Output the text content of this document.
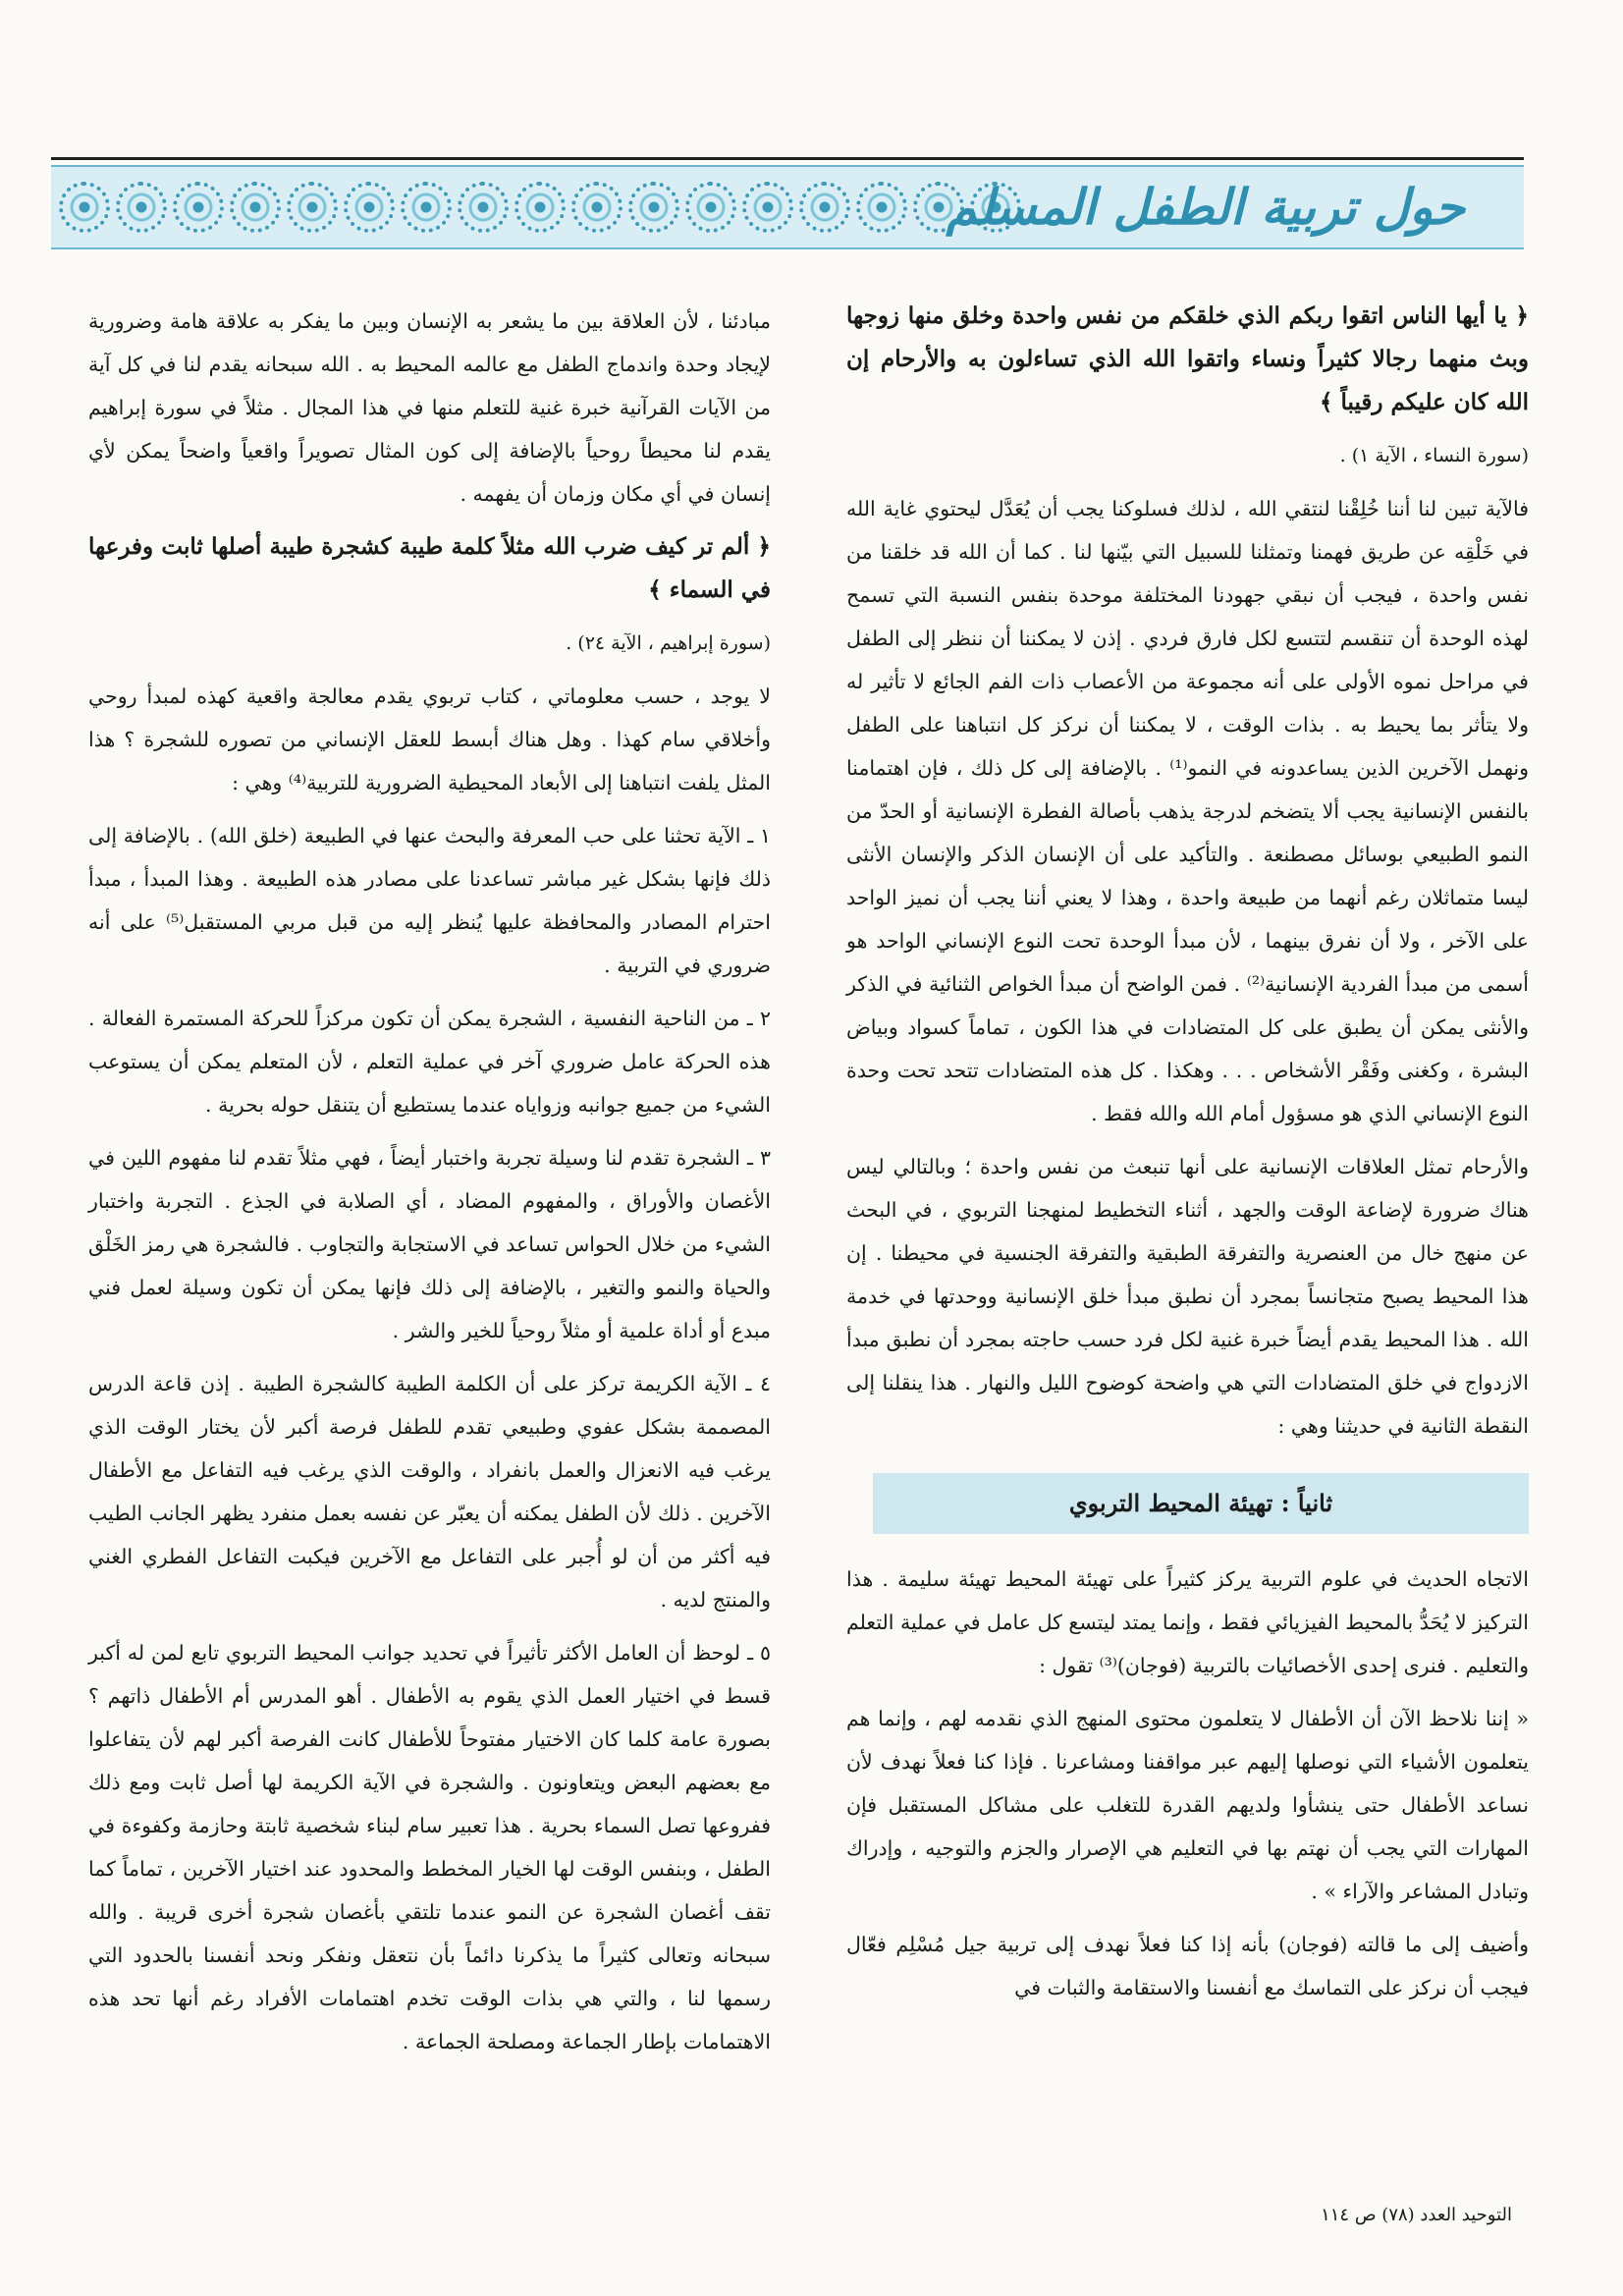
حول تربية الطفل المسلم

﴿ يا أيها الناس اتقوا ربكم الذي خلقكم من نفس واحدة وخلق منها زوجها وبث منهما رجالا كثيراً ونساء واتقوا الله الذي تساءلون به والأرحام إن الله كان عليكم رقيباً ﴾

(سورة النساء ، الآية ١) .

فالآية تبين لنا أننا خُلِقْنا لنتقي الله ، لذلك فسلوكنا يجب أن يُعَدَّل ليحتوي غاية الله في خَلْقِه عن طريق فهمنا وتمثلنا للسبيل التي بيّنها لنا . كما أن الله قد خلقنا من نفس واحدة ، فيجب أن نبقي جهودنا المختلفة موحدة بنفس النسبة التي تسمح لهذه الوحدة أن تنقسم لتتسع لكل فارق فردي . إذن لا يمكننا أن ننظر إلى الطفل في مراحل نموه الأولى على أنه مجموعة من الأعصاب ذات الفم الجائع لا تأثير له ولا يتأثر بما يحيط به . بذات الوقت ، لا يمكننا أن نركز كل انتباهنا على الطفل ونهمل الآخرين الذين يساعدونه في النمو⁽¹⁾ . بالإضافة إلى كل ذلك ، فإن اهتمامنا بالنفس الإنسانية يجب ألا يتضخم لدرجة يذهب بأصالة الفطرة الإنسانية أو الحدّ من النمو الطبيعي بوسائل مصطنعة . والتأكيد على أن الإنسان الذكر والإنسان الأنثى ليسا متماثلان رغم أنهما من طبيعة واحدة ، وهذا لا يعني أننا يجب أن نميز الواحد على الآخر ، ولا أن نفرق بينهما ، لأن مبدأ الوحدة تحت النوع الإنساني الواحد هو أسمى من مبدأ الفردية الإنسانية⁽²⁾ . فمن الواضح أن مبدأ الخواص الثنائية في الذكر والأنثى يمكن أن يطبق على كل المتضادات في هذا الكون ، تماماً كسواد وبياض البشرة ، وكغنى وفَقْر الأشخاص . . . وهكذا . كل هذه المتضادات تتحد تحت وحدة النوع الإنساني الذي هو مسؤول أمام الله والله فقط .

والأرحام تمثل العلاقات الإنسانية على أنها تنبعث من نفس واحدة ؛ وبالتالي ليس هناك ضرورة لإضاعة الوقت والجهد ، أثناء التخطيط لمنهجنا التربوي ، في البحث عن منهج خال من العنصرية والتفرقة الطبقية والتفرقة الجنسية في محيطنا . إن هذا المحيط يصبح متجانساً بمجرد أن نطبق مبدأ خلق الإنسانية ووحدتها في خدمة الله . هذا المحيط يقدم أيضاً خبرة غنية لكل فرد حسب حاجته بمجرد أن نطبق مبدأ الازدواج في خلق المتضادات التي هي واضحة كوضوح الليل والنهار . هذا ينقلنا إلى النقطة الثانية في حديثنا وهي :

ثانياً : تهيئة المحيط التربوي

الاتجاه الحديث في علوم التربية يركز كثيراً على تهيئة المحيط تهيئة سليمة . هذا التركيز لا يُحَدُّ بالمحيط الفيزيائي فقط ، وإنما يمتد ليتسع كل عامل في عملية التعلم والتعليم . فنرى إحدى الأخصائيات بالتربية (فوجان)⁽³⁾ تقول :

« إننا نلاحظ الآن أن الأطفال لا يتعلمون محتوى المنهج الذي نقدمه لهم ، وإنما هم يتعلمون الأشياء التي نوصلها إليهم عبر مواقفنا ومشاعرنا . فإذا كنا فعلاً نهدف لأن نساعد الأطفال حتى ينشأوا ولديهم القدرة للتغلب على مشاكل المستقبل فإن المهارات التي يجب أن نهتم بها في التعليم هي الإصرار والجزم والتوجيه ، وإدراك وتبادل المشاعر والآراء » .

وأضيف إلى ما قالته (فوجان) بأنه إذا كنا فعلاً نهدف إلى تربية جيل مُسْلِم فعّال فيجب أن نركز على التماسك مع أنفسنا والاستقامة والثبات في

مبادئنا ، لأن العلاقة بين ما يشعر به الإنسان وبين ما يفكر به علاقة هامة وضرورية لإيجاد وحدة واندماج الطفل مع عالمه المحيط به . الله سبحانه يقدم لنا في كل آية من الآيات القرآنية خبرة غنية للتعلم منها في هذا المجال . مثلاً في سورة إبراهيم يقدم لنا محيطاً روحياً بالإضافة إلى كون المثال تصويراً واقعياً واضحاً يمكن لأي إنسان في أي مكان وزمان أن يفهمه .

﴿ ألم تر كيف ضرب الله مثلاً كلمة طيبة كشجرة طيبة أصلها ثابت وفرعها في السماء ﴾

(سورة إبراهيم ، الآية ٢٤) .

لا يوجد ، حسب معلوماتي ، كتاب تربوي يقدم معالجة واقعية كهذه لمبدأ روحي وأخلاقي سام كهذا . وهل هناك أبسط للعقل الإنساني من تصوره للشجرة ؟ هذا المثل يلفت انتباهنا إلى الأبعاد المحيطية الضرورية للتربية⁽⁴⁾ وهي :

١ ـ الآية تحثنا على حب المعرفة والبحث عنها في الطبيعة (خلق الله) . بالإضافة إلى ذلك فإنها بشكل غير مباشر تساعدنا على مصادر هذه الطبيعة . وهذا المبدأ ، مبدأ احترام المصادر والمحافظة عليها يُنظر إليه من قبل مربي المستقبل⁽⁵⁾ على أنه ضروري في التربية .

٢ ـ من الناحية النفسية ، الشجرة يمكن أن تكون مركزاً للحركة المستمرة الفعالة . هذه الحركة عامل ضروري آخر في عملية التعلم ، لأن المتعلم يمكن أن يستوعب الشيء من جميع جوانبه وزواياه عندما يستطيع أن يتنقل حوله بحرية .

٣ ـ الشجرة تقدم لنا وسيلة تجربة واختبار أيضاً ، فهي مثلاً تقدم لنا مفهوم اللين في الأغصان والأوراق ، والمفهوم المضاد ، أي الصلابة في الجذع . التجربة واختبار الشيء من خلال الحواس تساعد في الاستجابة والتجاوب . فالشجرة هي رمز الخَلْق والحياة والنمو والتغير ، بالإضافة إلى ذلك فإنها يمكن أن تكون وسيلة لعمل فني مبدع أو أداة علمية أو مثلاً روحياً للخير والشر .

٤ ـ الآية الكريمة تركز على أن الكلمة الطيبة كالشجرة الطيبة . إذن قاعة الدرس المصممة بشكل عفوي وطبيعي تقدم للطفل فرصة أكبر لأن يختار الوقت الذي يرغب فيه الانعزال والعمل بانفراد ، والوقت الذي يرغب فيه التفاعل مع الأطفال الآخرين . ذلك لأن الطفل يمكنه أن يعبّر عن نفسه بعمل منفرد يظهر الجانب الطيب فيه أكثر من أن لو أُجبر على التفاعل مع الآخرين فيكبت التفاعل الفطري الغني والمنتج لديه .

٥ ـ لوحظ أن العامل الأكثر تأثيراً في تحديد جوانب المحيط التربوي تابع لمن له أكبر قسط في اختيار العمل الذي يقوم به الأطفال . أهو المدرس أم الأطفال ذاتهم ؟ بصورة عامة كلما كان الاختيار مفتوحاً للأطفال كانت الفرصة أكبر لهم لأن يتفاعلوا مع بعضهم البعض ويتعاونون . والشجرة في الآية الكريمة لها أصل ثابت ومع ذلك ففروعها تصل السماء بحرية . هذا تعبير سام لبناء شخصية ثابتة وحازمة وكفوءة في الطفل ، وبنفس الوقت لها الخيار المخطط والمحدود عند اختيار الآخرين ، تماماً كما تقف أغصان الشجرة عن النمو عندما تلتقي بأغصان شجرة أخرى قريبة . والله سبحانه وتعالى كثيراً ما يذكرنا دائماً بأن نتعقل ونفكر ونحد أنفسنا بالحدود التي رسمها لنا ، والتي هي بذات الوقت تخدم اهتمامات الأفراد رغم أنها تحد هذه الاهتمامات بإطار الجماعة ومصلحة الجماعة .

التوحيد العدد (٧٨) ص ١١٤
